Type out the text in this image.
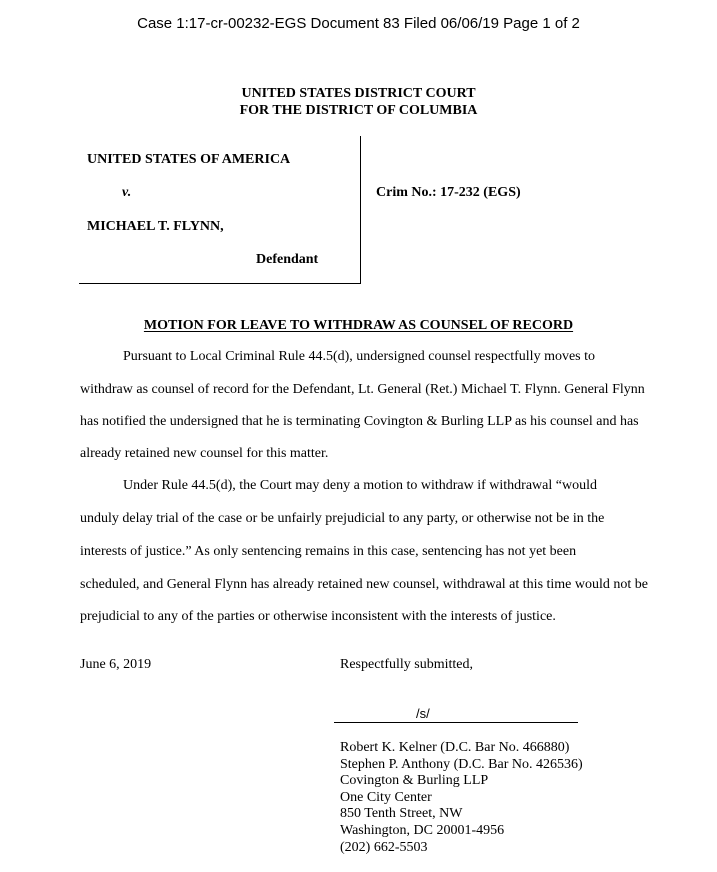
Case 1:17-cr-00232-EGS Document 83 Filed 06/06/19 Page 1 of 2
UNITED STATES DISTRICT COURT
FOR THE DISTRICT OF COLUMBIA
UNITED STATES OF AMERICA
v.
MICHAEL T. FLYNN,
Defendant
Crim No.: 17-232 (EGS)
MOTION FOR LEAVE TO WITHDRAW AS COUNSEL OF RECORD
Pursuant to Local Criminal Rule 44.5(d), undersigned counsel respectfully moves to
withdraw as counsel of record for the Defendant, Lt. General (Ret.) Michael T. Flynn. General Flynn
has notified the undersigned that he is terminating Covington & Burling LLP as his counsel and has
already retained new counsel for this matter.
Under Rule 44.5(d), the Court may deny a motion to withdraw if withdrawal “would
unduly delay trial of the case or be unfairly prejudicial to any party, or otherwise not be in the
interests of justice.” As only sentencing remains in this case, sentencing has not yet been
scheduled, and General Flynn has already retained new counsel, withdrawal at this time would not be
prejudicial to any of the parties or otherwise inconsistent with the interests of justice.
June 6, 2019	Respectfully submitted,
/s/
Robert K. Kelner (D.C. Bar No. 466880)
Stephen P. Anthony (D.C. Bar No. 426536)
Covington & Burling LLP
One City Center
850 Tenth Street, NW
Washington, DC 20001-4956
(202) 662-5503
